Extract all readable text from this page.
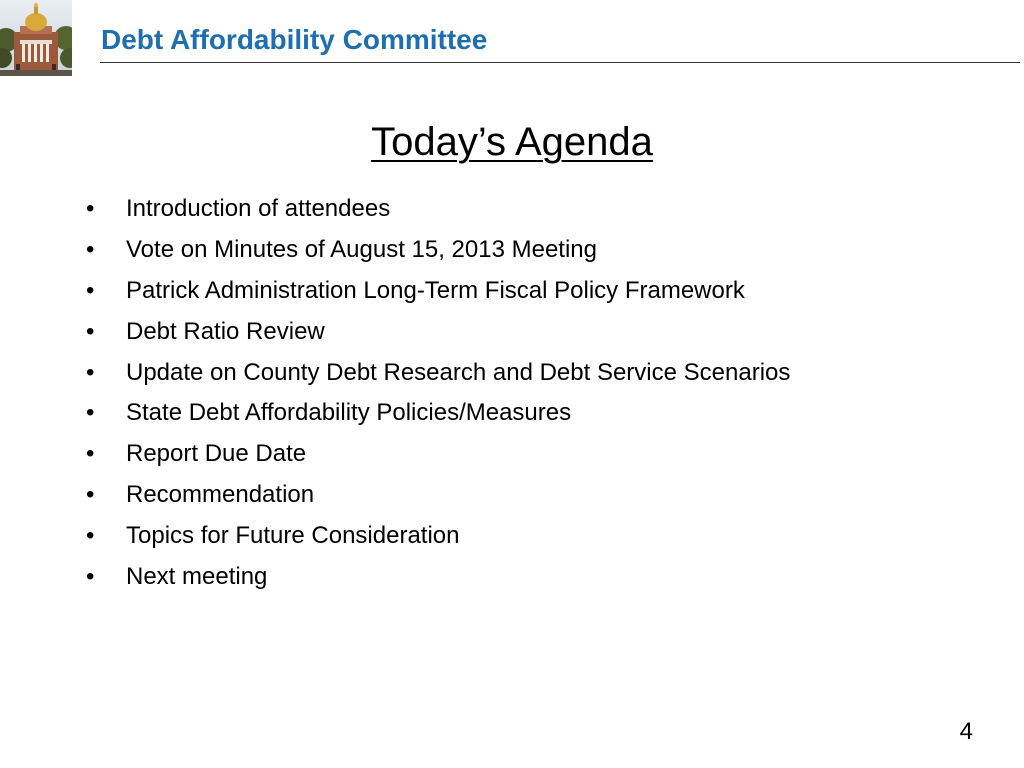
Debt Affordability Committee
Today’s Agenda
•	Introduction of attendees
•	Vote on Minutes of August 15, 2013 Meeting
•	Patrick Administration Long-Term Fiscal Policy Framework
•	Debt Ratio Review
•	Update on County Debt Research and Debt Service Scenarios
•	State Debt Affordability Policies/Measures
•	Report Due Date
•	Recommendation
•	Topics for Future Consideration
•	Next meeting
4
